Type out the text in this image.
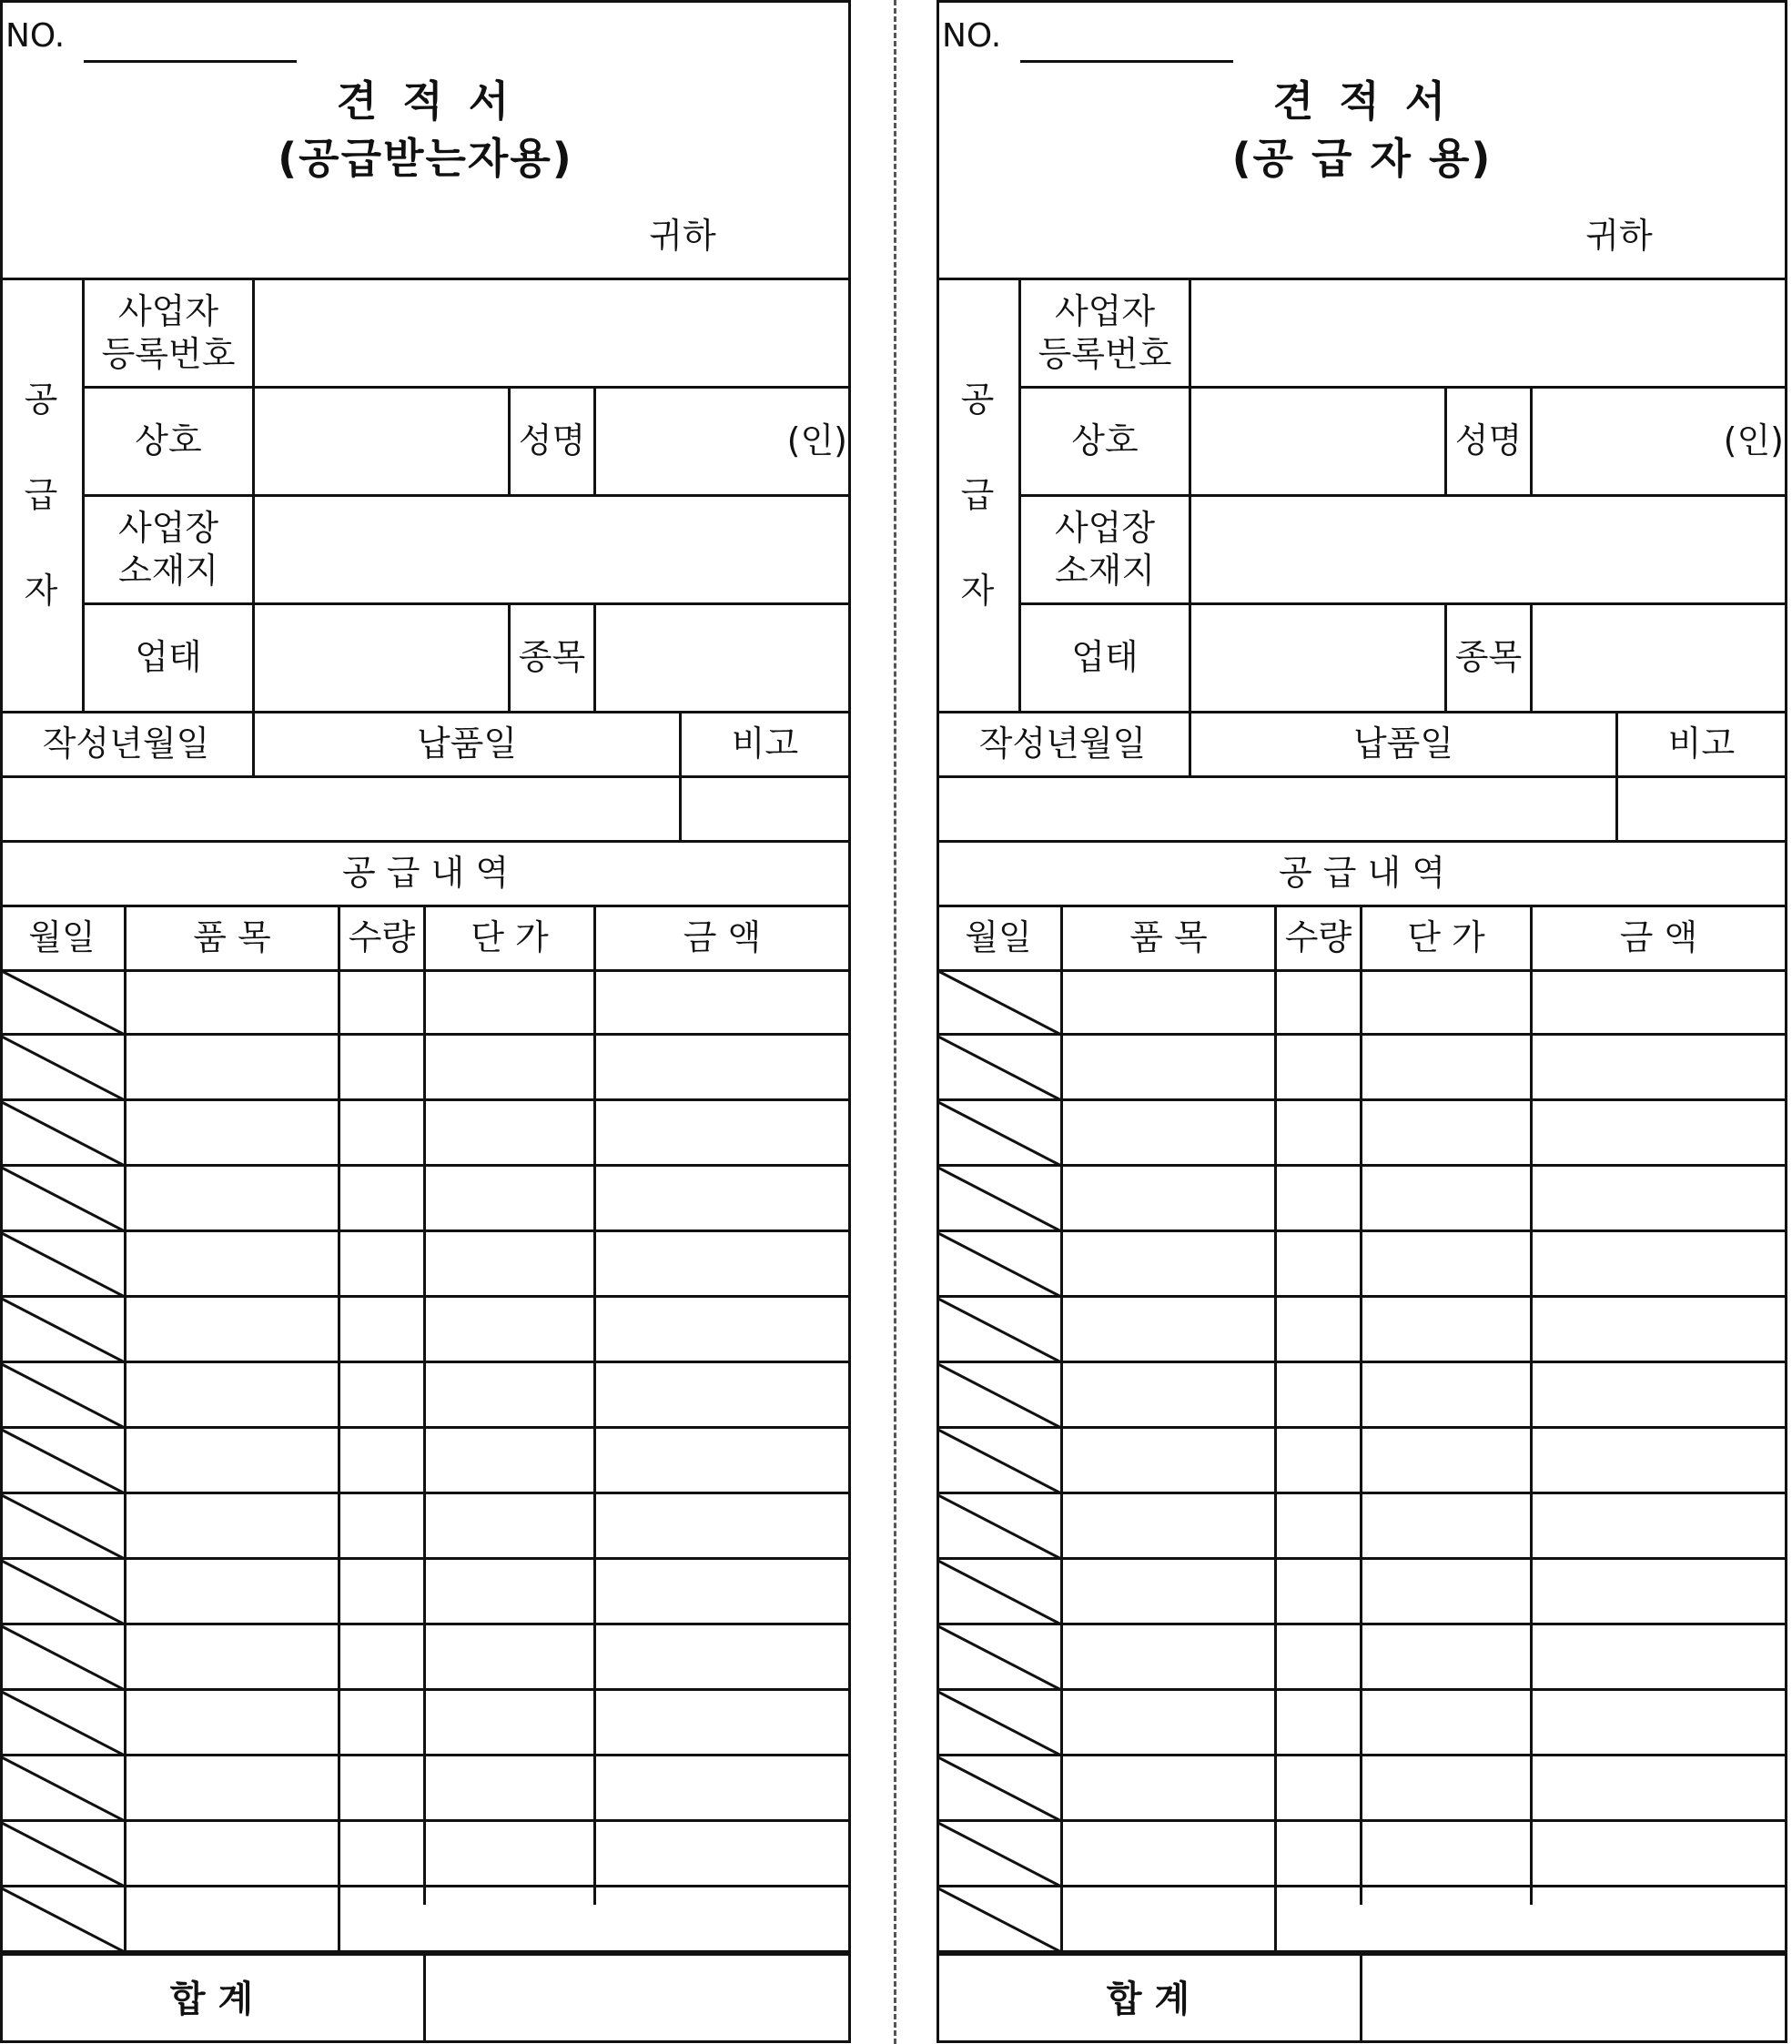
NO.
견 적 서
(공급받는자용)
귀하
공
급
자
사업자
등록번호
상호	성명	(인)
사업장
소재지
업태	종목
작성년월일	납품일	비고
공 급 내 역
월일	품 목	수량	단 가	금 액
합 계
NO.
견 적 서
(공 급 자 용)
귀하
공
급
자
사업자
등록번호
상호	성명	(인)
사업장
소재지
업태	종목
작성년월일	납품일	비고
공 급 내 역
월일	품 목	수량	단 가	금 액
합 계
